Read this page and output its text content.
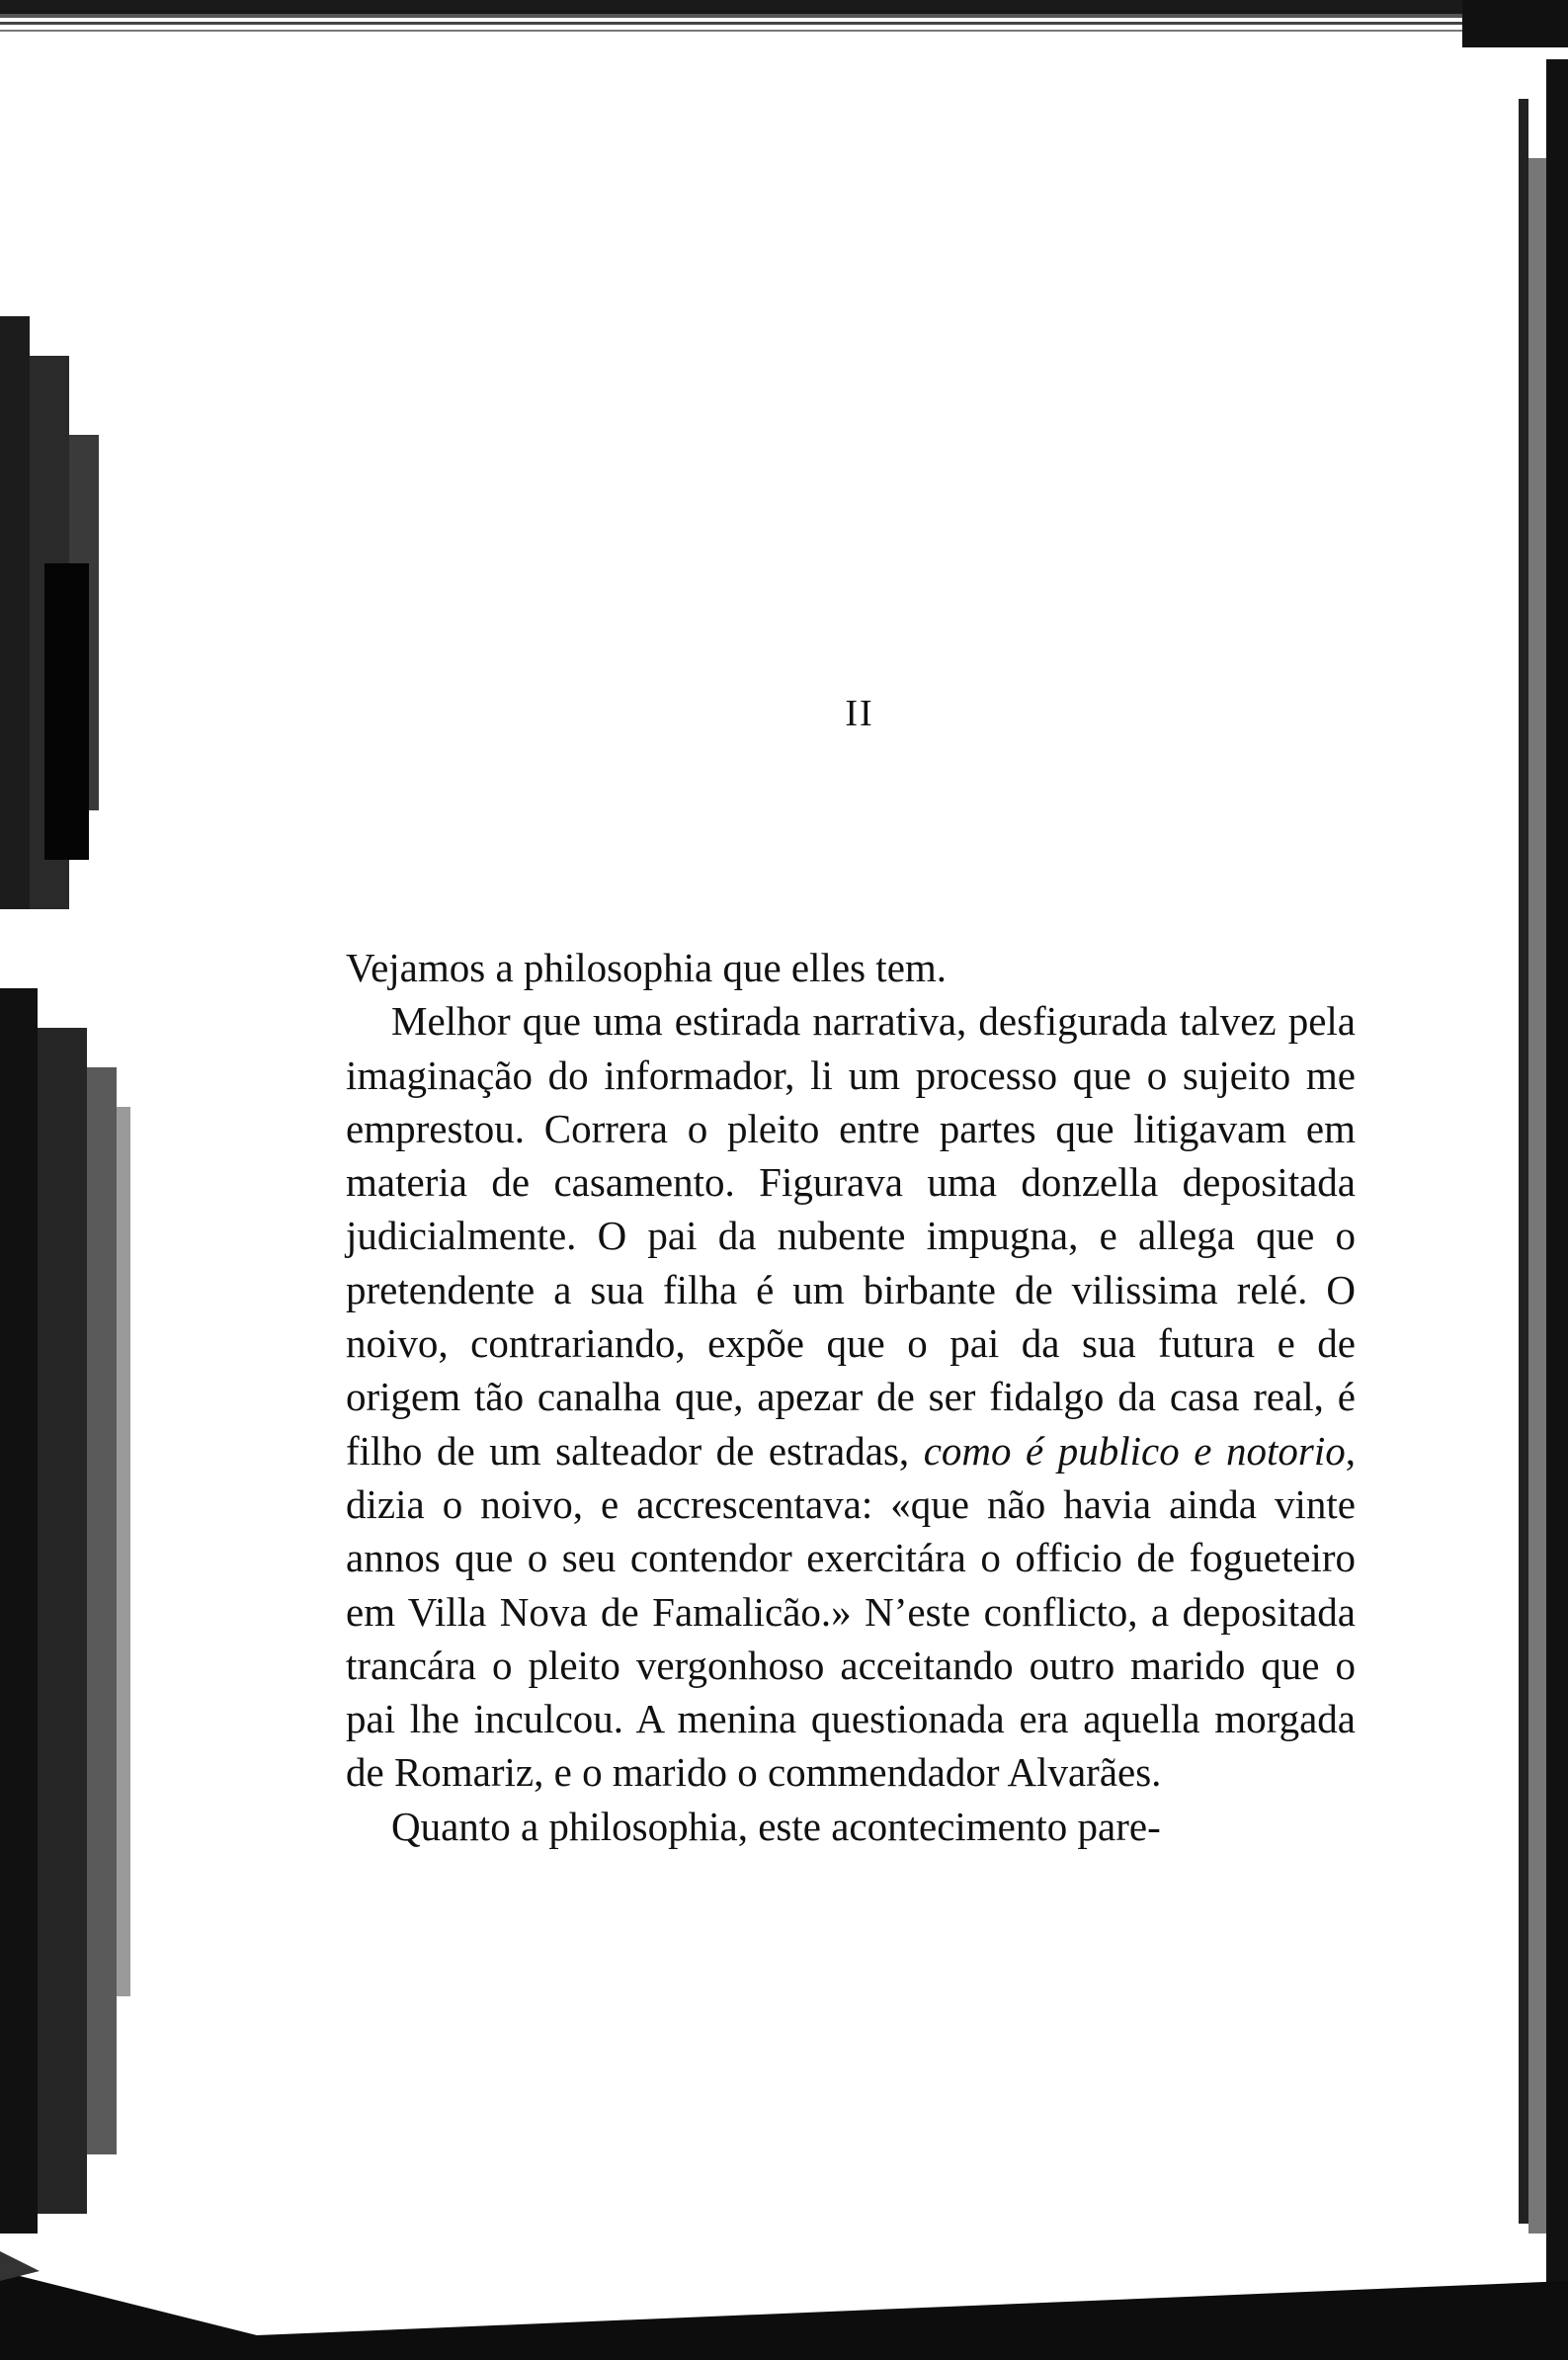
II

Vejamos a philosophia que elles tem.

Melhor que uma estirada narrativa, desfigurada talvez pela imaginação do informador, li um processo que o sujeito me emprestou. Correra o pleito entre partes que litigavam em materia de casamento. Figurava uma donzella depositada judicialmente. O pai da nubente impugna, e allega que o pretendente a sua filha é um birbante de vilissima relé. O noivo, contrariando, expõe que o pai da sua futura e de origem tão canalha que, apezar de ser fidalgo da casa real, é filho de um salteador de estradas, como é publico e notorio, dizia o noivo, e accrescentava: «que não havia ainda vinte annos que o seu contendor exercitára o officio de fogueteiro em Villa Nova de Famalicão.» N’este conflicto, a depositada trancára o pleito vergonhoso acceitando outro marido que o pai lhe inculcou. A menina questionada era aquella morgada de Romariz, e o marido o commendador Alvarães.

Quanto a philosophia, este acontecimento pare-
